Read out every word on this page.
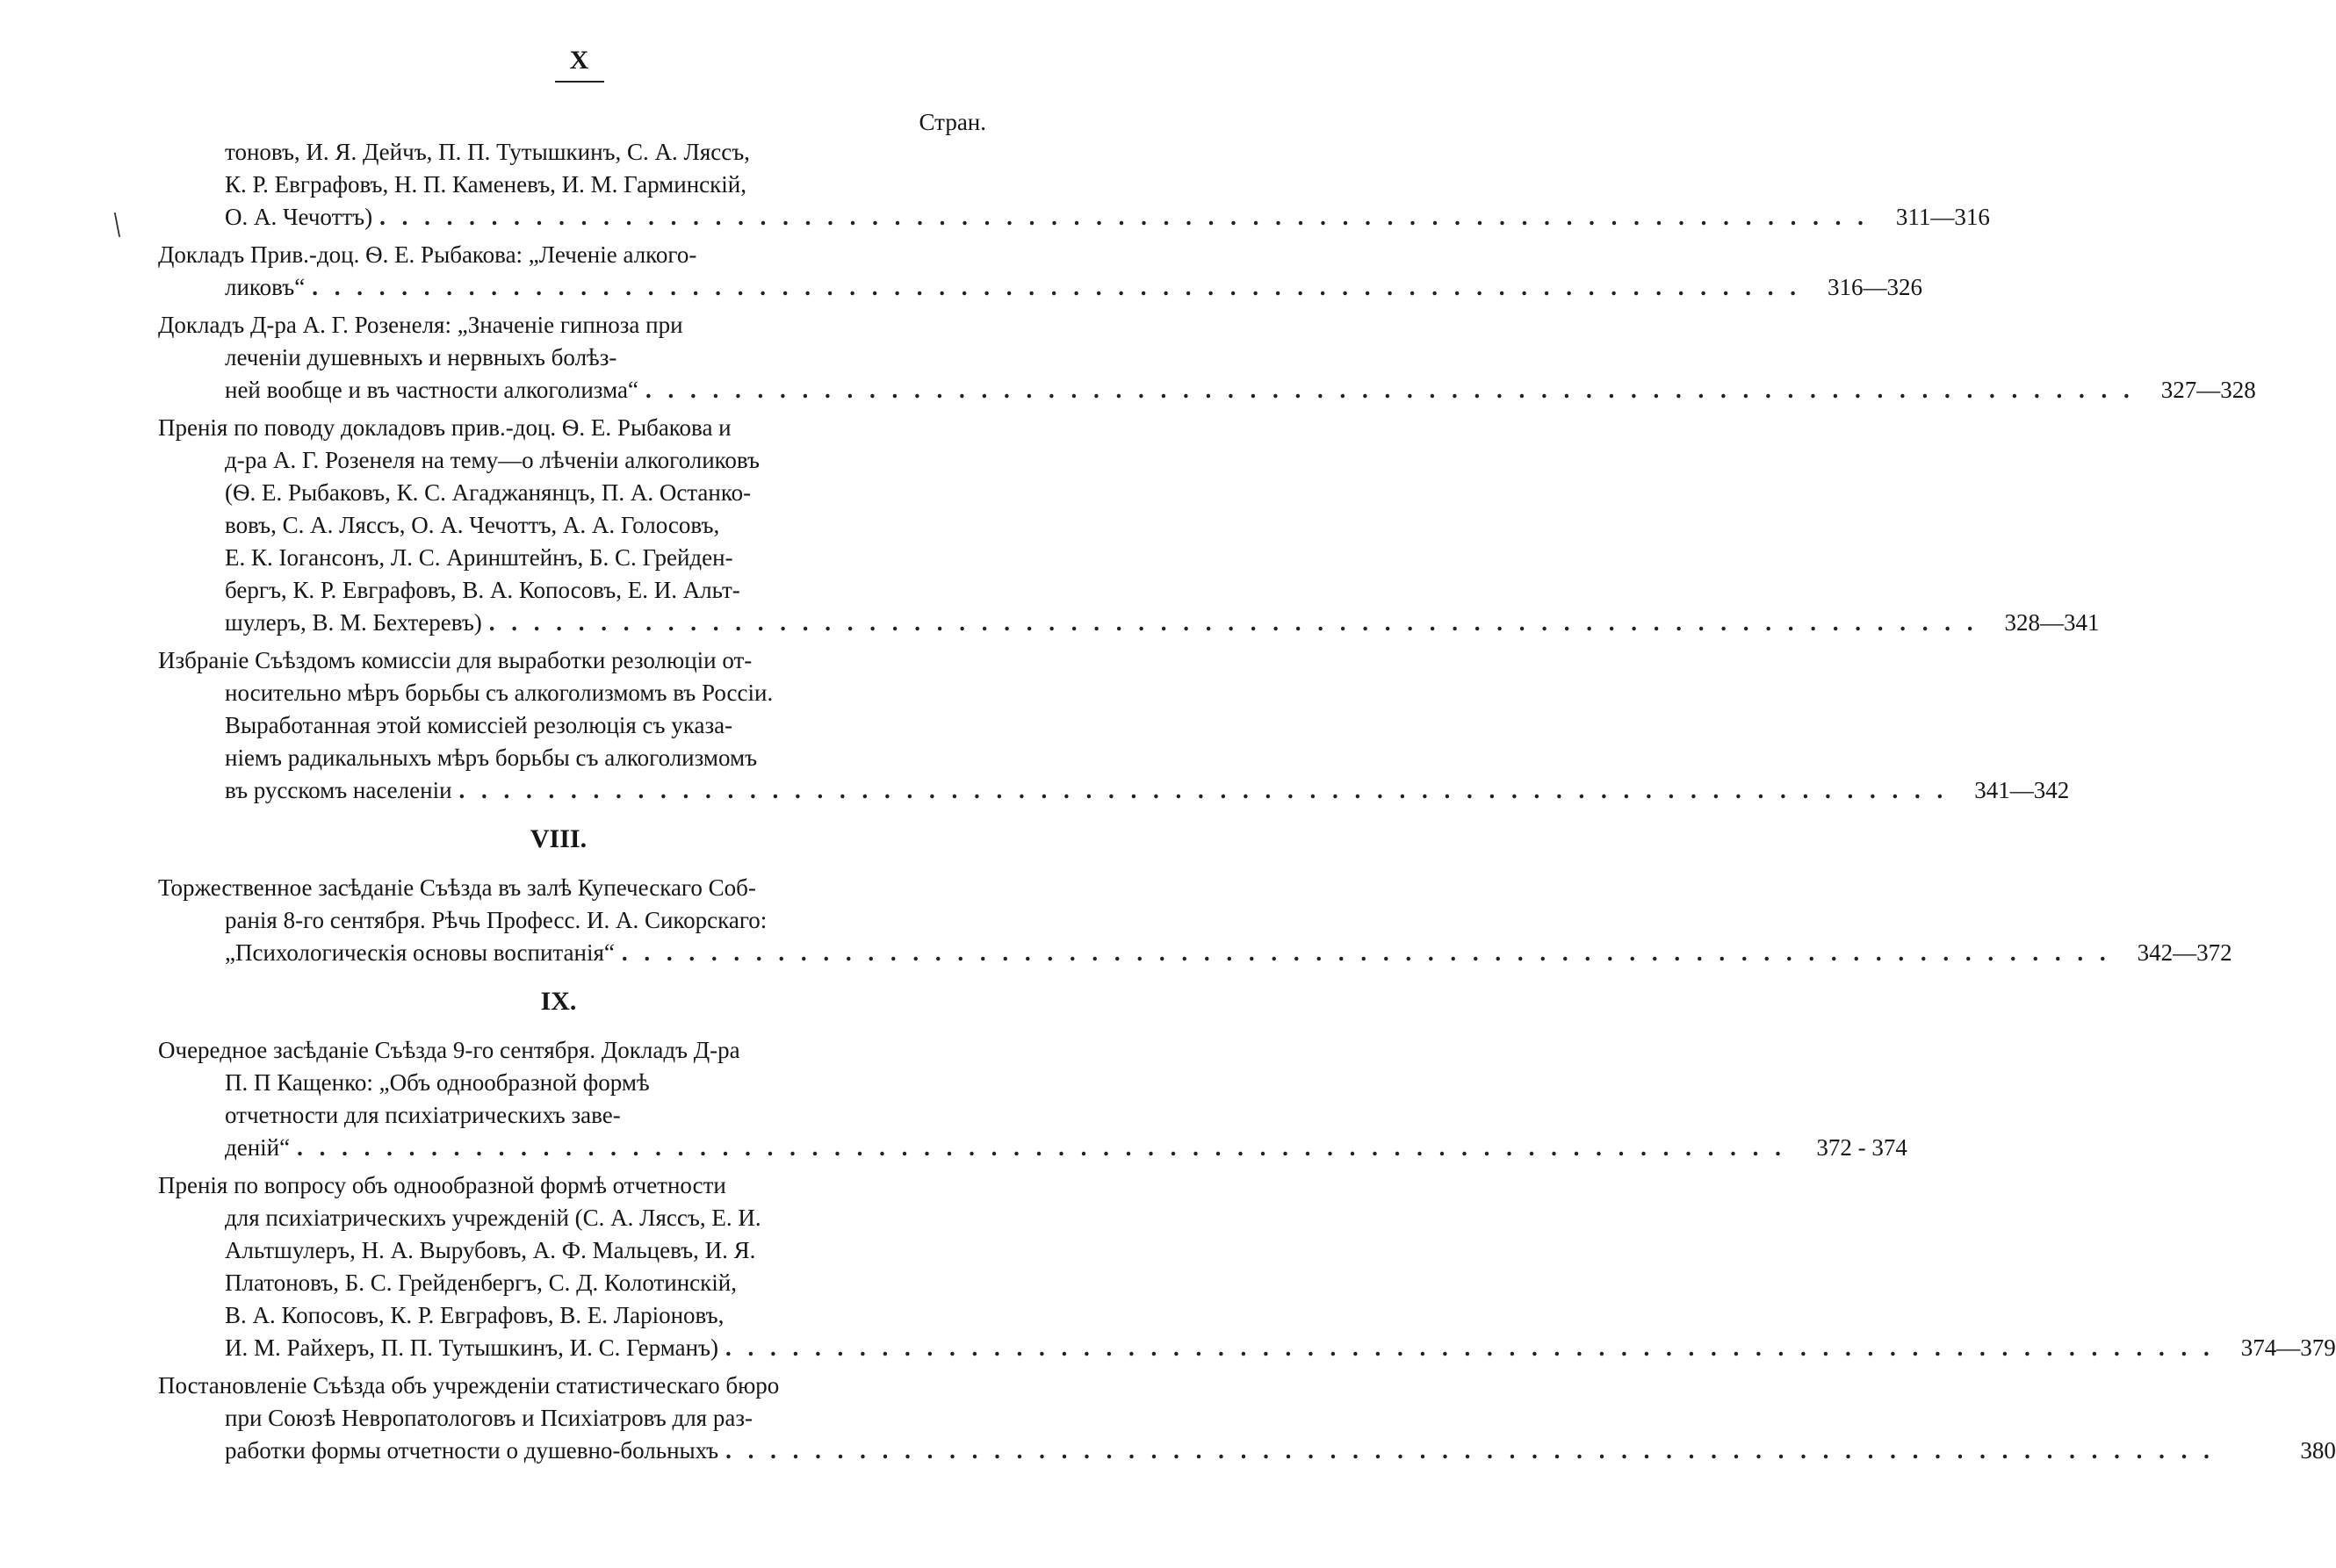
X
Стран.
\
тоновъ, И. Я. Дейчъ, П. П. Тутышкинъ, С. А. Ляссъ,
К. Р. Евграфовъ, Н. П. Каменевъ, И. М. Гарминскій,
О. А. Чечоттъ) . . .	311—316
Докладъ Прив.-доц. Ѳ. Е. Рыбакова: „Леченіе алкого-
ликовъ“ . . .	316—326
Докладъ Д-ра А. Г. Розенеля: „Значеніе гипноза при
леченіи душевныхъ и нервныхъ болѣз-
ней вообще и въ частности алкоголизма“ . . .	327—328
Пренія по поводу докладовъ прив.-доц. Ѳ. Е. Рыбакова и
д-ра А. Г. Розенеля на тему—о лѣченіи алкоголиковъ
(Ѳ. Е. Рыбаковъ, К. С. Агаджанянцъ, П. А. Останко-
вовъ, С. А. Ляссъ, О. А. Чечоттъ, А. А. Голосовъ,
Е. К. Іогансонъ, Л. С. Аринштейнъ, Б. С. Грейден-
бергъ, К. Р. Евграфовъ, В. А. Копосовъ, Е. И. Альт-
шулеръ, В. М. Бехтеревъ) . . .	328—341
Избраніе Съѣздомъ комиссіи для выработки резолюціи от-
носительно мѣръ борьбы съ алкоголизмомъ въ Россіи.
Выработанная этой комиссіей резолюція съ указа-
ніемъ радикальныхъ мѣръ борьбы съ алкоголизмомъ
въ русскомъ населеніи . . .	341—342
VIII.
Торжественное засѣданіе Съѣзда въ залѣ Купеческаго Соб-
ранія 8-го сентября. Рѣчь Професс. И. А. Сикорскаго:
„Психологическія основы воспитанія“ . . .	342—372
IX.
Очередное засѣданіе Съѣзда 9-го сентября. Докладъ Д-ра
П. П Кащенко: „Объ однообразной формѣ
отчетности для психіатрическихъ заве-
деній“ . . .	372 - 374
Пренія по вопросу объ однообразной формѣ отчетности
для психіатрическихъ учрежденій (С. А. Ляссъ, Е. И.
Альтшулеръ, Н. А. Вырубовъ, А. Ф. Мальцевъ, И. Я.
Платоновъ, Б. С. Грейденбергъ, С. Д. Колотинскій,
В. А. Копосовъ, К. Р. Евграфовъ, В. Е. Ларіоновъ,
И. М. Райхеръ, П. П. Тутышкинъ, И. С. Германъ) . . .	374—379
Постановленіе Съѣзда объ учрежденіи статистическаго бюро
при Союзѣ Невропатологовъ и Психіатровъ для раз-
работки формы отчетности о душевно-больныхъ . . .	380
